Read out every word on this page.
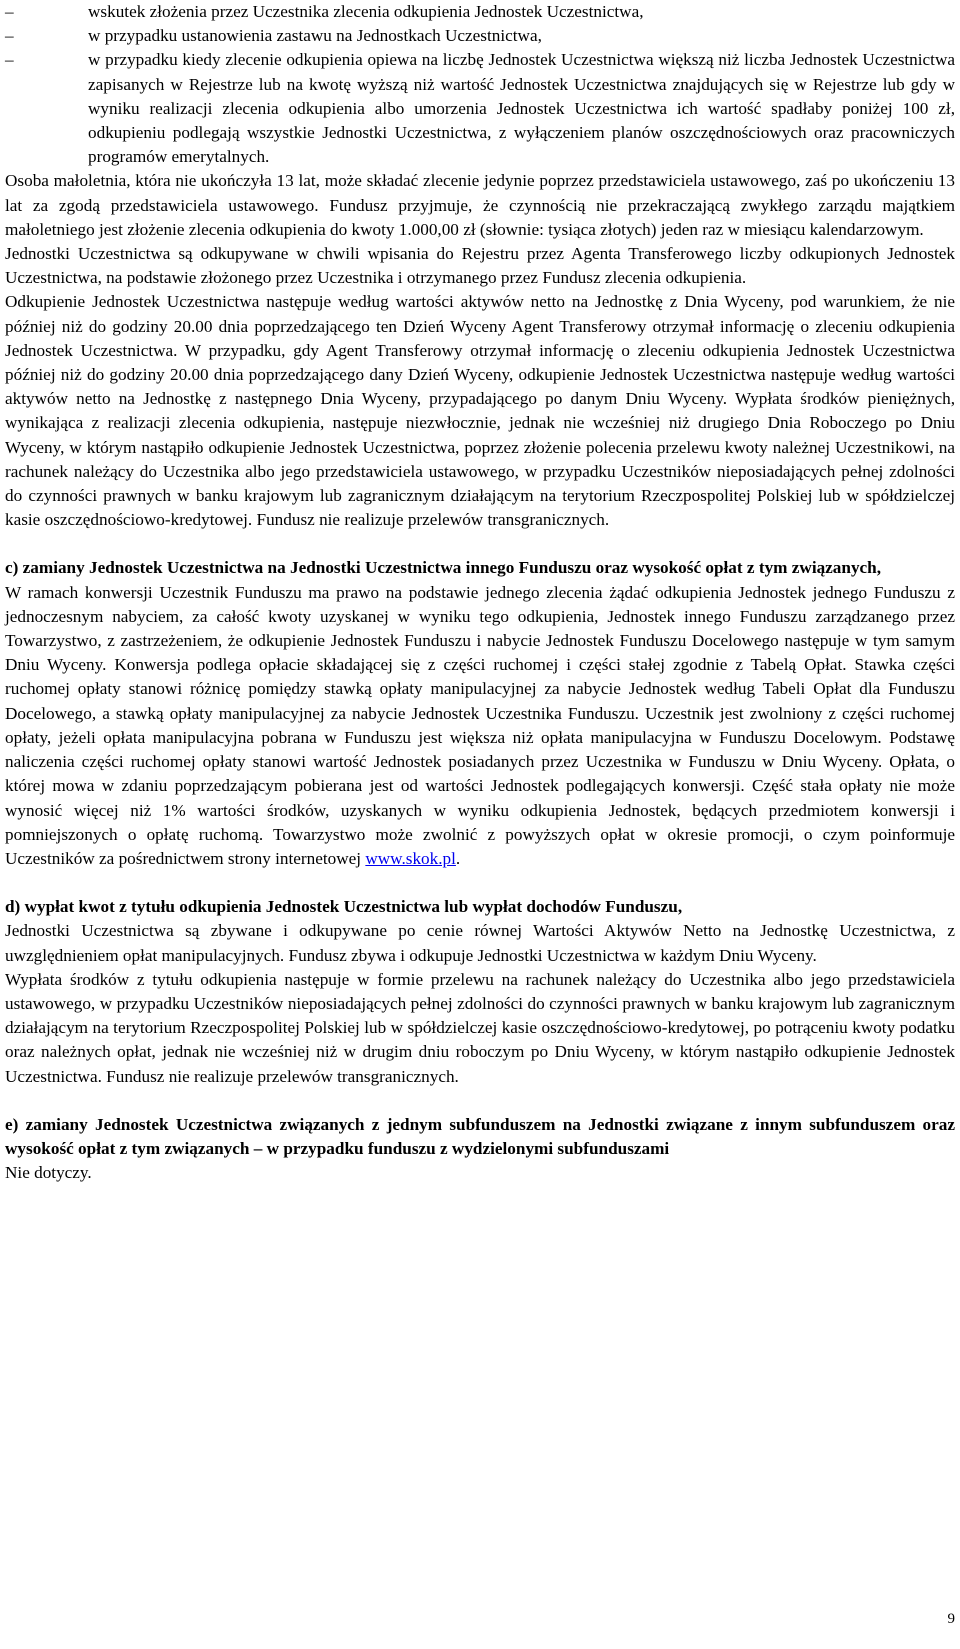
–	wskutek złożenia przez Uczestnika zlecenia odkupienia Jednostek Uczestnictwa,
–	w przypadku ustanowienia zastawu na Jednostkach Uczestnictwa,
–	w przypadku kiedy zlecenie odkupienia opiewa na liczbę Jednostek Uczestnictwa większą niż liczba Jednostek Uczestnictwa zapisanych w Rejestrze lub na kwotę wyższą niż wartość Jednostek Uczestnictwa znajdujących się w Rejestrze lub gdy w wyniku realizacji zlecenia odkupienia albo umorzenia Jednostek Uczestnictwa ich wartość spadłaby poniżej 100 zł, odkupieniu podlegają wszystkie Jednostki Uczestnictwa, z wyłączeniem planów oszczędnościowych oraz pracowniczych programów emerytalnych.

Osoba małoletnia, która nie ukończyła 13 lat, może składać zlecenie jedynie poprzez przedstawiciela ustawowego, zaś po ukończeniu 13 lat za zgodą przedstawiciela ustawowego. Fundusz przyjmuje, że czynnością nie przekraczającą zwykłego zarządu majątkiem małoletniego jest złożenie zlecenia odkupienia do kwoty 1.000,00 zł (słownie: tysiąca złotych) jeden raz w miesiącu kalendarzowym.

Jednostki Uczestnictwa są odkupywane w chwili wpisania do Rejestru przez Agenta Transferowego liczby odkupionych Jednostek Uczestnictwa, na podstawie złożonego przez Uczestnika i otrzymanego przez Fundusz zlecenia odkupienia.

Odkupienie Jednostek Uczestnictwa następuje według wartości aktywów netto na Jednostkę z Dnia Wyceny, pod warunkiem, że nie później niż do godziny 20.00 dnia poprzedzającego ten Dzień Wyceny Agent Transferowy otrzymał informację o zleceniu odkupienia Jednostek Uczestnictwa. W przypadku, gdy Agent Transferowy otrzymał informację o zleceniu odkupienia Jednostek Uczestnictwa później niż do godziny 20.00 dnia poprzedzającego dany Dzień Wyceny, odkupienie Jednostek Uczestnictwa następuje według wartości aktywów netto na Jednostkę z następnego Dnia Wyceny, przypadającego po danym Dniu Wyceny. Wypłata środków pieniężnych, wynikająca z realizacji zlecenia odkupienia, następuje niezwłocznie, jednak nie wcześniej niż drugiego Dnia Roboczego po Dniu Wyceny, w którym nastąpiło odkupienie Jednostek Uczestnictwa, poprzez złożenie polecenia przelewu kwoty należnej Uczestnikowi, na rachunek należący do Uczestnika albo jego przedstawiciela ustawowego, w przypadku Uczestników nieposiadających pełnej zdolności do czynności prawnych w banku krajowym lub zagranicznym działającym na terytorium Rzeczpospolitej Polskiej lub w spółdzielczej kasie oszczędnościowo-kredytowej. Fundusz nie realizuje przelewów transgranicznych.

c) zamiany Jednostek Uczestnictwa na Jednostki Uczestnictwa innego Funduszu oraz wysokość opłat z tym związanych,

W ramach konwersji Uczestnik Funduszu ma prawo na podstawie jednego zlecenia żądać odkupienia Jednostek jednego Funduszu z jednoczesnym nabyciem, za całość kwoty uzyskanej w wyniku tego odkupienia, Jednostek innego Funduszu zarządzanego przez Towarzystwo, z zastrzeżeniem, że odkupienie Jednostek Funduszu i nabycie Jednostek Funduszu Docelowego następuje w tym samym Dniu Wyceny. Konwersja podlega opłacie składającej się z części ruchomej i części stałej zgodnie z Tabelą Opłat. Stawka części ruchomej opłaty stanowi różnicę pomiędzy stawką opłaty manipulacyjnej za nabycie Jednostek według Tabeli Opłat dla Funduszu Docelowego, a stawką opłaty manipulacyjnej za nabycie Jednostek Uczestnika Funduszu. Uczestnik jest zwolniony z części ruchomej opłaty, jeżeli opłata manipulacyjna pobrana w Funduszu jest większa niż opłata manipulacyjna w Funduszu Docelowym. Podstawę naliczenia części ruchomej opłaty stanowi wartość Jednostek posiadanych przez Uczestnika w Funduszu w Dniu Wyceny. Opłata, o której mowa w zdaniu poprzedzającym pobierana jest od wartości Jednostek podlegających konwersji. Część stała opłaty nie może wynosić więcej niż 1% wartości środków, uzyskanych w wyniku odkupienia Jednostek, będących przedmiotem konwersji i pomniejszonych o opłatę ruchomą. Towarzystwo może zwolnić z powyższych opłat w okresie promocji, o czym poinformuje Uczestników za pośrednictwem strony internetowej www.skok.pl.

d) wypłat kwot z tytułu odkupienia Jednostek Uczestnictwa lub wypłat dochodów Funduszu,

Jednostki Uczestnictwa są zbywane i odkupywane po cenie równej Wartości Aktywów Netto na Jednostkę Uczestnictwa, z uwzględnieniem opłat manipulacyjnych. Fundusz zbywa i odkupuje Jednostki Uczestnictwa w każdym Dniu Wyceny.

Wypłata środków z tytułu odkupienia następuje w formie przelewu na rachunek należący do Uczestnika albo jego przedstawiciela ustawowego, w przypadku Uczestników nieposiadających pełnej zdolności do czynności prawnych w banku krajowym lub zagranicznym działającym na terytorium Rzeczpospolitej Polskiej lub w spółdzielczej kasie oszczędnościowo-kredytowej, po potrąceniu kwoty podatku oraz należnych opłat, jednak nie wcześniej niż w drugim dniu roboczym po Dniu Wyceny, w którym nastąpiło odkupienie Jednostek Uczestnictwa. Fundusz nie realizuje przelewów transgranicznych.

e) zamiany Jednostek Uczestnictwa związanych z jednym subfunduszem na Jednostki związane z innym subfunduszem oraz wysokość opłat z tym związanych – w przypadku funduszu z wydzielonymi subfunduszami

Nie dotyczy.

9
